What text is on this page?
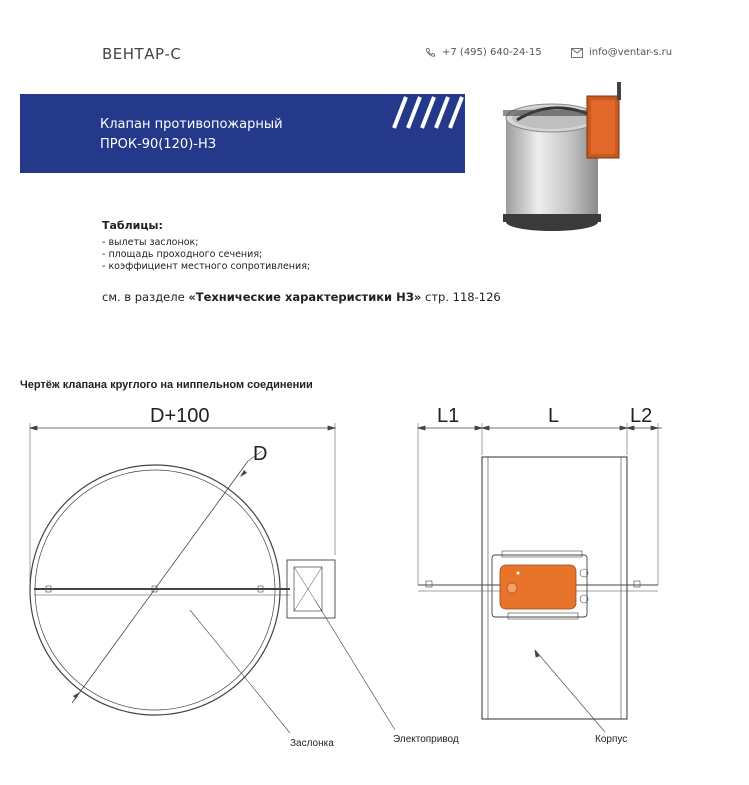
ВЕНТАР-С	+7 (495) 640-24-15	info@ventar-s.ru
Клапан противопожарный
ПРОК-90(120)-НЗ
Таблицы:
- вылеты заслонок;
- площадь проходного сечения;
- коэффициент местного сопротивления;
см. в разделе «Технические характеристики НЗ» стр. 118-126
Чертёж клапана круглого на ниппельном соединении
D+100
D
L1	L	L2
Заслонка	Электопривод	Корпус
